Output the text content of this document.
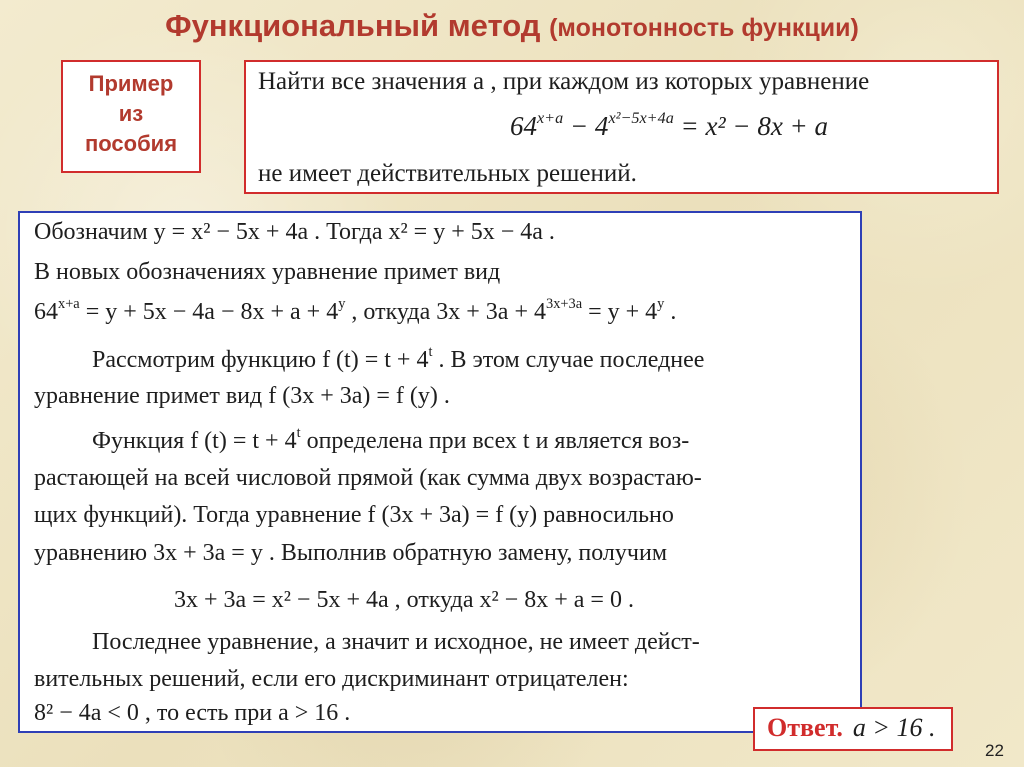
Функциональный метод (монотонность функции)
Пример
из
пособия
Найти все значения а , при каждом из которых уравнение
$64^{x+a} - 4^{x^2-5x+4a} = x^2 - 8x + a$
не имеет действительных решений.
Обозначим y = x² − 5x + 4a . Тогда x² = y + 5x − 4a .
В новых обозначениях уравнение примет вид
$64^{x+a} = y + 5x - 4a - 8x + a + 4^y$ , откуда $3x + 3a + 4^{3x+3a} = y + 4^y$ .
Рассмотрим функцию f $(t) = t + 4^t$ . В этом случае последнее
уравнение примет вид f (3x + 3a) = f (y) .
Функция f $(t) = t + 4^t$ определена при всех t и является воз-
растающей на всей числовой прямой (как сумма двух возрастаю-
щих функций). Тогда уравнение f (3x + 3a) = f (y) равносильно
уравнению 3x + 3a = y . Выполнив обратную замену, получим
3x + 3a = x² − 5x + 4a , откуда x² − 8x + a = 0 .
Последнее уравнение, а значит и исходное, не имеет дейст-
вительных решений, если его дискриминант отрицателен:
8² − 4a < 0 , то есть при a > 16 .	Ответ. a > 16 .
22
